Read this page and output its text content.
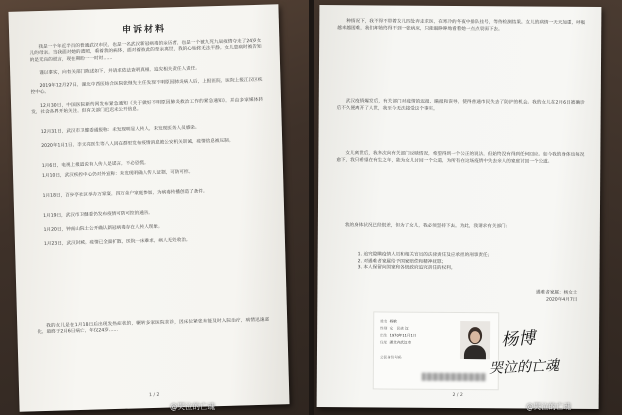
申诉材料
我是一个年近半百的普通武汉市民，也是一名武汉新冠病毒的亲历者，也是一个被九死九辰疫情夺走了24岁女儿的母亲。当我面对她的遗照，看着我的病体，面对着彼此的至亲离世，我的心始终无法平静。女儿患病时被告知的是无良的谎言，现在期盼一一时时……
谨以事实，向有关部门陈述如下，并请求依法查明真相，追究相关责任人责任。
2019年12月27日，湖北中西医结合医院张继先主任发现不明原因肺炎病人后，上报医院，医院上报江汉区疾控中心。
12月30日，中国医院新药网发布紧急通知《关于做好不明原因肺炎救治工作的紧急通知》，并由多家媒体转发，社会各界开始关注，但有关部门迟迟未公开信息。
12月31日，武汉市卫健委通报称：未发现明显人传人，未发现医务人员感染。
2020年1月1日，李文亮医生等八人因在群里发布疫情消息被公安机关训诫，疫情信息被压制。
1月6日，电视上报道说有人传人是谣言，不必恐慌。
1月10日，武汉疾控中心仍对外宣称：未发现明确人传人证据，可防可控。
1月18日，百步亭社区举办万家宴，四万余户家庭参加，为病毒传播创造了条件。
1月19日，武汉市卫健委仍发布疫情可防可控的通告。
1月20日，钟南山院士公开确认新冠病毒存在人传人现象。
1月23日，武汉封城。疫情已全面扩散，医院一床难求，病人无处收治。
我的女儿是在1月18日后出现发热症状的，辗转多家医院求诊，因床位紧张未能及时入院治疗，病情迅速恶化，最终于2月6日病亡，年仅24岁……
1 / 2
种情况下，我不得不带着女儿四处奔走求医，在寒冷的冬夜中排队挂号，等待检测结果。女儿的病情一天天加重，呼吸越来越困难，我们却始终得不到一张病床，只能眼睁睁地看着她一点点衰弱下去。
武汉疫情爆发后，有关部门对疫情的迟报、瞒报和误导，使得普通市民失去了防护的机会。我的女儿在2月6日被确诊后不久便离开了人世，我至今无法接受这个事实。
女儿离世后，我多次向有关部门反映情况，希望得到一个公正的说法，但始终没有得到任何回应。如今我的身体也每况愈下，我只希望在有生之年，能为女儿讨回一个公道，为所有在这场疫情中失去亲人的家庭讨回一个公道。
我的身体状况已经很差，但为了女儿，我必须坚持下去。为此，我请求有关部门：
1. 追究隐瞒疫情人员和相关官员的法律责任及应承担的刑事责任；
2. 对遇难者家属给予国家赔偿和精神抚慰；
3. 本人保留向国家和各级政府追究责任的权利。
遇难者家属：杨女士
2020年4月7日
姓名 杨敏
性别 女 民族 汉
出生 1970年11月1日
住址 湖北省武汉市
公民身份号码
杨博
哭泣的亡魂
2 / 2
@哭泣的亡魂	@哭泣的亡魂
